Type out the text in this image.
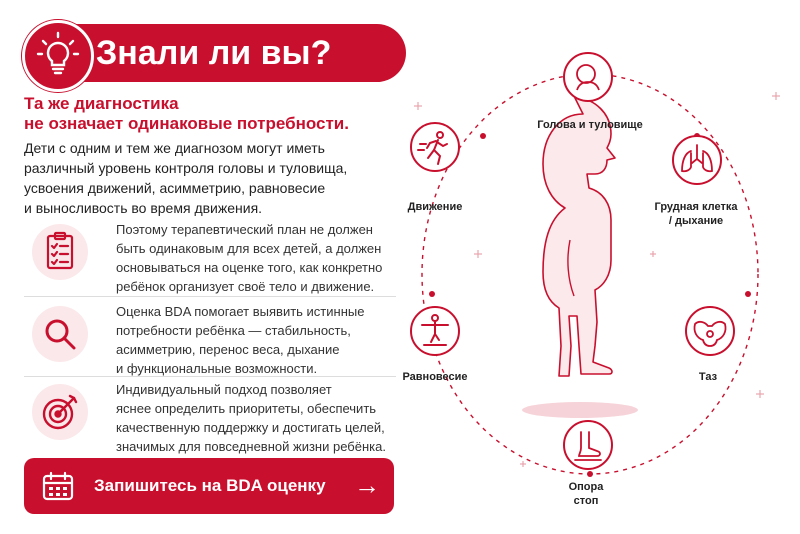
Знали ли вы?
Та же диагностика
не означает одинаковые потребности.
Дети с одним и тем же диагнозом могут иметь
различный уровень контроля головы и туловища,
усвоения движений, асимметрию, равновесие
и выносливость во время движения.
Поэтому терапевтический план не должен
быть одинаковым для всех детей, а должен
основываться на оценке того, как конкретно
ребёнок организует своё тело и движение.
Оценка BDA помогает выявить истинные
потребности ребёнка — стабильность,
асимметрию, перенос веса, дыхание
и функциональные возможности.
Индивидуальный подход позволяет
яснее определить приоритеты, обеспечить
качественную поддержку и достигать целей,
значимых для повседневной жизни ребёнка.
Запишитесь на BDA оценку →
Голова и туловище
Движение	Грудная клетка
/ дыхание
Равновесие	Таз
Опора
стоп
